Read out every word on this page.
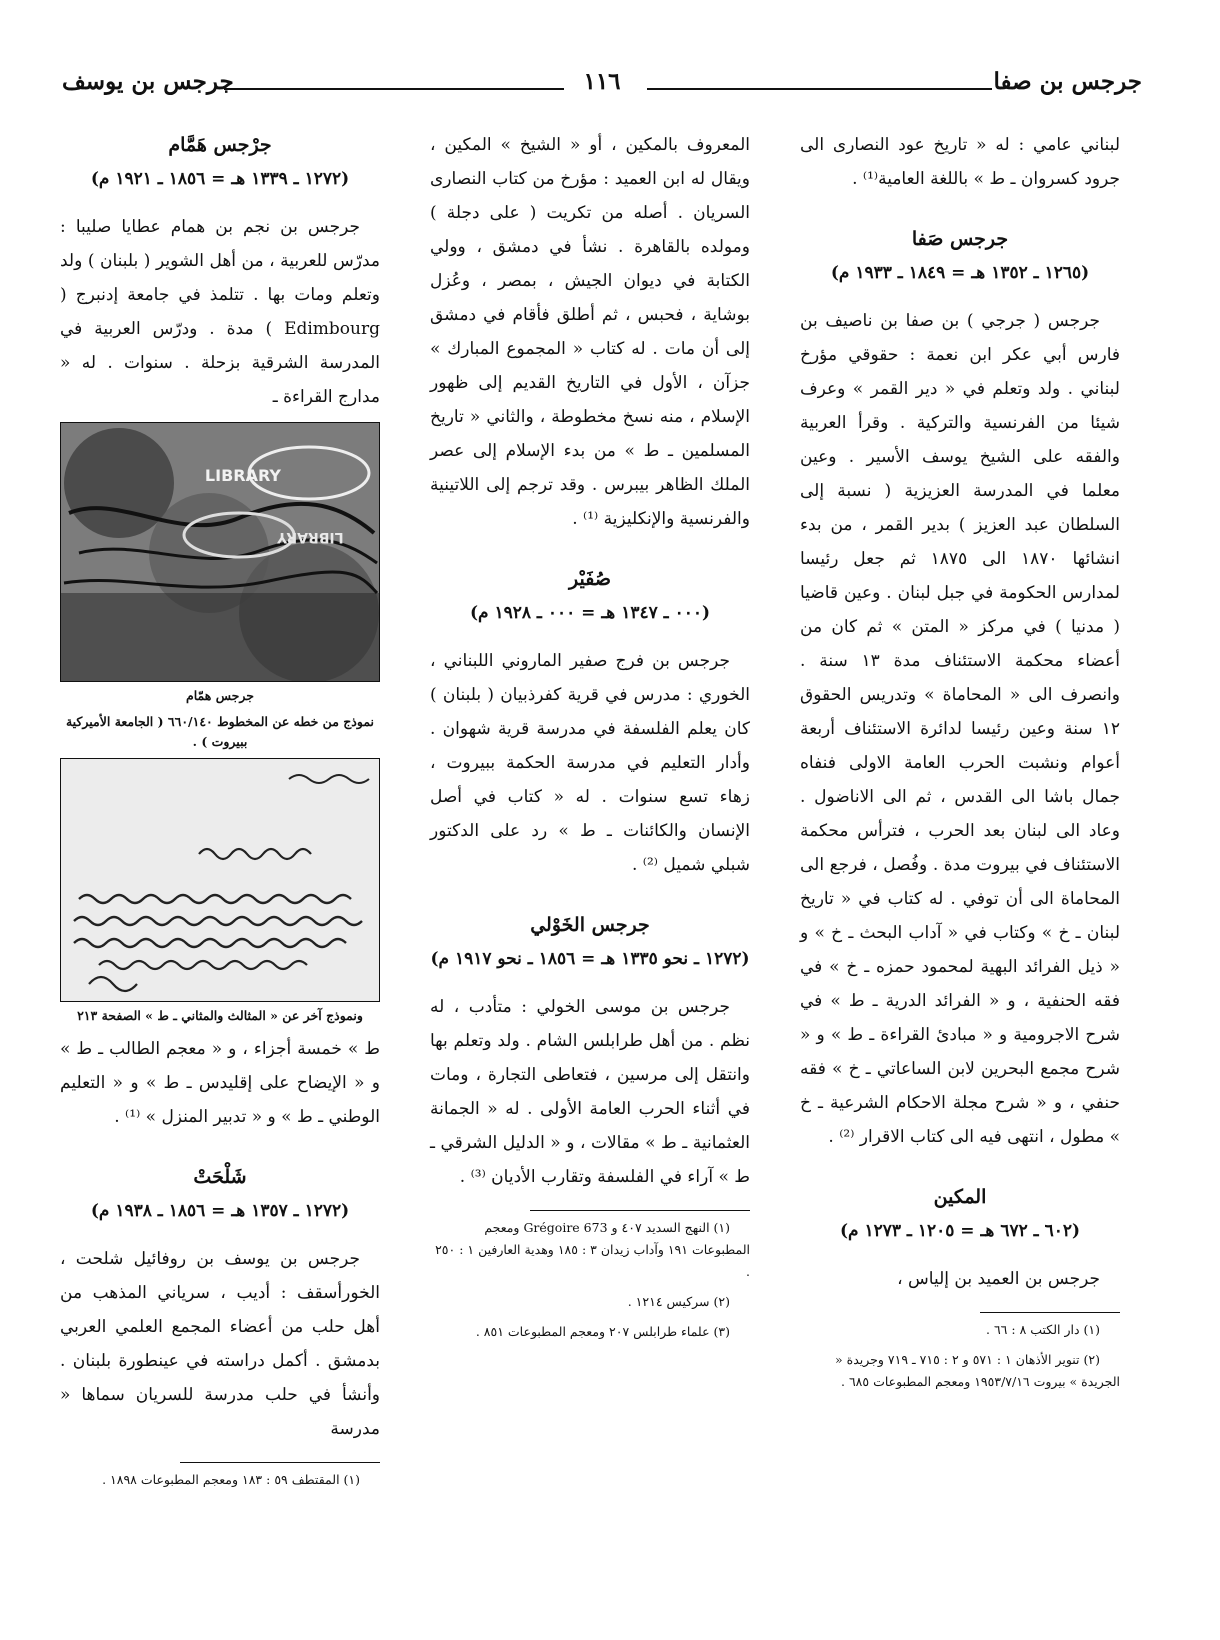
جرجس بن صفا
١١٦
جرجس بن يوسف

لبناني عامي : له « تاريخ عود النصارى الى جرود كسروان ـ ط » باللغة العامية⁽¹⁾ .

جرجس صَفا
(١٢٦٥ ـ ١٣٥٢ هـ = ١٨٤٩ ـ ١٩٣٣ م)

جرجس ( جرجي ) بن صفا بن ناصيف بن فارس أبي عكر ابن نعمة : حقوقي مؤرخ لبناني . ولد وتعلم في « دير القمر » وعرف شيئا من الفرنسية والتركية . وقرأ العربية والفقه على الشيخ يوسف الأسير . وعين معلما في المدرسة العزيزية ( نسبة إلى السلطان عبد العزيز ) بدير القمر ، من بدء انشائها ١٨٧٠ الى ١٨٧٥ ثم جعل رئيسا لمدارس الحكومة في جبل لبنان . وعين قاضيا ( مدنيا ) في مركز « المتن » ثم كان من أعضاء محكمة الاستئناف مدة ١٣ سنة . وانصرف الى « المحاماة » وتدريس الحقوق ١٢ سنة وعين رئيسا لدائرة الاستئناف أربعة أعوام ونشبت الحرب العامة الاولى فنفاه جمال باشا الى القدس ، ثم الى الاناضول . وعاد الى لبنان بعد الحرب ، فترأس محكمة الاستئناف في بيروت مدة . وفُصل ، فرجع الى المحاماة الى أن توفي . له كتاب في « تاريخ لبنان ـ خ » وكتاب في « آداب البحث ـ خ » و « ذيل الفرائد البهية لمحمود حمزه ـ خ » في فقه الحنفية ، و « الفرائد الدرية ـ ط » في شرح الاجرومية و « مبادئ القراءة ـ ط » و « شرح مجمع البحرين لابن الساعاتي ـ خ » فقه حنفي ، و « شرح مجلة الاحكام الشرعية ـ خ » مطول ، انتهى فيه الى كتاب الاقرار ⁽²⁾ .

المكين
(٦٠٢ ـ ٦٧٢ هـ = ١٢٠٥ ـ ١٢٧٣ م)

جرجس بن العميد بن إلياس ،

(١) دار الكتب ٨ : ٦٦ .

(٢) تنوير الأذهان ١ : ٥٧١ و ٢ : ٧١٥ ـ ٧١٩ وجريدة « الجريدة » بيروت ١٩٥٣/٧/١٦ ومعجم المطبوعات ٦٨٥ .

المعروف بالمكين ، أو « الشيخ » المكين ، ويقال له ابن العميد : مؤرخ من كتاب النصارى السريان . أصله من تكريت ( على دجلة ) ومولده بالقاهرة . نشأ في دمشق ، وولي الكتابة في ديوان الجيش ، بمصر ، وعُزل بوشاية ، فحبس ، ثم أطلق فأقام في دمشق إلى أن مات . له كتاب « المجموع المبارك » جزآن ، الأول في التاريخ القديم إلى ظهور الإسلام ، منه نسخ مخطوطة ، والثاني « تاريخ المسلمين ـ ط » من بدء الإسلام إلى عصر الملك الظاهر بيبرس . وقد ترجم إلى اللاتينية والفرنسية والإنكليزية ⁽¹⁾ .

صُفَيْر
(٠٠٠ ـ ١٣٤٧ هـ = ٠٠٠ ـ ١٩٢٨ م)

جرجس بن فرج صفير الماروني اللبناني ، الخوري : مدرس في قرية كفرذبيان ( بلبنان ) كان يعلم الفلسفة في مدرسة قرية شهوان . وأدار التعليم في مدرسة الحكمة ببيروت ، زهاء تسع سنوات . له « كتاب في أصل الإنسان والكائنات ـ ط » رد على الدكتور شبلي شميل ⁽²⁾ .

جرجس الخَوْلي
(١٢٧٢ ـ نحو ١٣٣٥ هـ = ١٨٥٦ ـ نحو ١٩١٧ م)

جرجس بن موسى الخولي : متأدب ، له نظم . من أهل طرابلس الشام . ولد وتعلم بها وانتقل إلى مرسين ، فتعاطى التجارة ، ومات في أثناء الحرب العامة الأولى . له « الجمانة العثمانية ـ ط » مقالات ، و « الدليل الشرقي ـ ط » آراء في الفلسفة وتقارب الأديان ⁽³⁾ .

(١) النهج السديد ٤٠٧ و Grégoire 673 ومعجم المطبوعات ١٩١ وآداب زيدان ٣ : ١٨٥ وهدية العارفين ١ : ٢٥٠ .

(٢) سركيس ١٢١٤ .

(٣) علماء طرابلس ٢٠٧ ومعجم المطبوعات ٨٥١ .

جرْجس هَمَّام
(١٢٧٢ ـ ١٣٣٩ هـ = ١٨٥٦ ـ ١٩٢١ م)

جرجس بن نجم بن همام عطايا صليبا : مدرّس للعربية ، من أهل الشوير ( بلبنان ) ولد وتعلم ومات بها . تتلمذ في جامعة إدنبرج ( Edimbourg ) مدة . ودرّس العربية في المدرسة الشرقية بزحلة . سنوات . له « مدارج القراءة ـ

LIBRARY
LIBRARY
جرجس همّام
نموذج من خطه عن المخطوط ٦٦٠/١٤٠ ( الجامعة الأميركية ببيروت ) .
ونموذج آخر عن « المثالث والمثاني ـ ط » الصفحة ٢١٣

ط » خمسة أجزاء ، و « معجم الطالب ـ ط » و « الإيضاح على إقليدس ـ ط » و « التعليم الوطني ـ ط » و « تدبير المنزل » ⁽¹⁾ .

شَلْحَتْ
(١٢٧٢ ـ ١٣٥٧ هـ = ١٨٥٦ ـ ١٩٣٨ م)

جرجس بن يوسف بن روفائيل شلحت ، الخورأسقف : أديب ، سرياني المذهب من أهل حلب من أعضاء المجمع العلمي العربي بدمشق . أكمل دراسته في عينطورة بلبنان . وأنشأ في حلب مدرسة للسريان سماها « مدرسة

(١) المقتطف ٥٩ : ١٨٣ ومعجم المطبوعات ١٨٩٨ .
